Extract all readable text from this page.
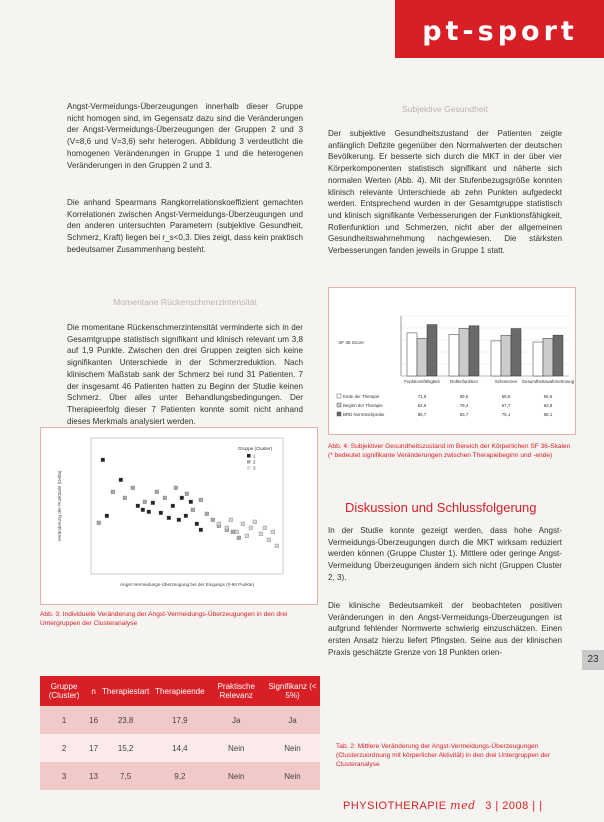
pt-sport
Angst-Vermeidungs-Überzeugungen innerhalb dieser Gruppe nicht homogen sind, im Gegensatz dazu sind die Veränderungen der Angst-Vermeidungs-Überzeugungen der Gruppen 2 und 3 (V=8,6 und V=3,6) sehr heterogen. Abbildung 3 verdeutlicht die homogenen Veränderungen in Gruppe 1 und die heterogenen Veränderungen in den Gruppen 2 und 3.
Die anhand Spearmans Rangkorrelationskoeffizient gemachten Korrelationen zwischen Angst-Vermeidungs-Überzeugungen und den anderen untersuchten Parametern (subjektive Gesundheit, Schmerz, Kraft) liegen bei r_s<0,3. Dies zeigt, dass kein praktisch bedeutsamer Zusammenhang besteht.
Momentane Rückenschmerzintensität
Die momentane Rückenschmerzintensität verminderte sich in der Gesamtgruppe statistisch signifikant und klinisch relevant um 3,8 auf 1,9 Punkte. Zwischen den drei Gruppen zeigten sich keine signifikanten Unterschiede in der Schmerzreduktion. Nach klinischem Maßstab sank der Schmerz bei rund 31 Patienten. 7 der insgesamt 46 Patienten hatten zu Beginn der Studie keinen Schmerz. Über alles unter Behandlungsbedingungen. Der Therapieerfolg dieser 7 Patienten konnte somit nicht anhand dieses Merkmals analysiert werden.
Gruppe (Cluster)
1
2
3
Angst-Vermeidungs-Überzeugung bei der Eingangs (0-96 Punkte)
Veränderung der Punktzahl (Delta)
Abb. 3: Individuelle Veränderung der Angst-Vermeidungs-Überzeugungen in den drei Untergruppen der Clusteranalyse
Gruppe (Cluster)	n	Therapiestart	Therapieende	Praktische Relevanz	Signifikanz (< 5%)
1	16	23,8	17,9	Ja	Ja
2	17	15,2	14,4	Nein	Nein
3	13	7,5	9,2	Nein	Nein
Subjektive Gesundheit
Der subjektive Gesundheitszustand der Patienten zeigte anfänglich Defizite gegenüber den Normalwerten der deutschen Bevölkerung. Er besserte sich durch die MKT in der über vier Körperkomponenten statistisch signifikant und näherte sich normalen Werten (Abb. 4). Mit der Stufenbezugsgröße konnten klinisch relevante Unterschiede ab zehn Punkten aufgedeckt werden. Entsprechend wurden in der Gesamtgruppe statistisch und klinisch signifikante Verbesserungen der Funktionsfähigkeit, Rollenfunktion und Schmerzen, nicht aber der allgemeinen Gesundheitswahrnehmung nachgewiesen. Die stärksten Verbesserungen fanden jeweils in Gruppe 1 statt.
SF 36 Score
Funktionsfähigkeit Rollenfunktion	Schmerzen Gesundheitswahrnehmung
Ende der Therapie	71,8	69,5	58,5	56,6
Beginn der Therapie	62,6	79,4	67,7	62,8
BRD Normstichprobe	85,7	83,7	79,1	68,1
Abb. 4: Subjektiver Gesundheitszustand im Bereich der Körperlichen SF 36-Skalen (* bedeutet signifikante Veränderungen zwischen Therapiebeginn und -ende)
Diskussion und Schlussfolgerung
In der Studie konnte gezeigt werden, dass hohe Angst-Vermeidungs-Überzeugungen durch die MKT wirksam reduziert werden können (Gruppe Cluster 1). Mittlere oder geringe Angst-Vermeidung Überzeugungen ändern sich nicht (Gruppen Cluster 2, 3).
Die klinische Bedeutsamkeit der beobachteten positiven Veränderungen in den Angst-Vermeidungs-Überzeugungen ist aufgrund fehlender Normwerte schwierig einzuschätzen. Einen ersten Ansatz hierzu liefert Pfingsten. Seine aus der klinischen Praxis geschätzte Grenze von 18 Punkten orien-
23
Tab. 2: Mittlere Veränderung der Angst-Vermeidungs-Überzeugungen (Clusterzuordnung mit körperlicher Aktivität) in den drei Untergruppen der Clusteranalyse
PHYSIOTHERAPIE med 3 | 2008 | |
